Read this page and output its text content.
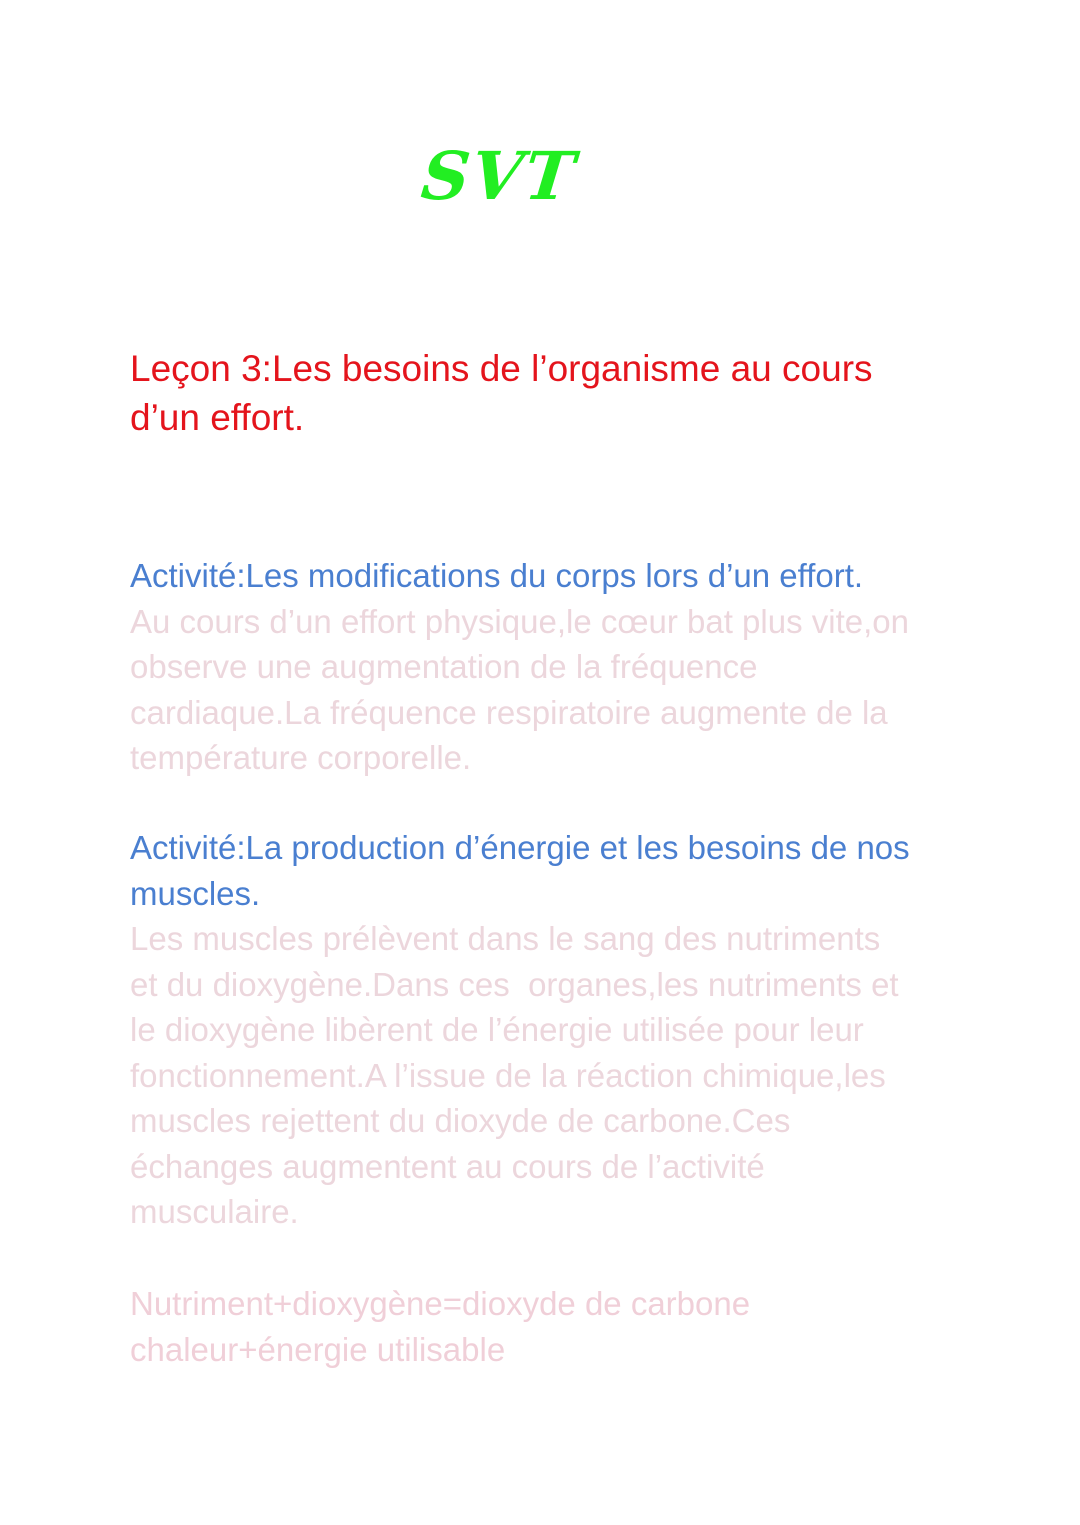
SVT
Leçon 3:Les besoins de l’organisme au cours
d’un effort.
Activité:Les modifications du corps lors d’un effort.
Au cours d’un effort physique,le cœur bat plus vite,on
observe une augmentation de la fréquence
cardiaque.La fréquence respiratoire augmente de la
température corporelle.
Activité:La production d’énergie et les besoins de nos
muscles.
Les muscles prélèvent dans le sang des nutriments
et du dioxygène.Dans ces  organes,les nutriments et
le dioxygène libèrent de l’énergie utilisée pour leur
fonctionnement.A l’issue de la réaction chimique,les
muscles rejettent du dioxyde de carbone.Ces
échanges augmentent au cours de l’activité
musculaire.
Nutriment+dioxygène=dioxyde de carbone
chaleur+énergie utilisable
